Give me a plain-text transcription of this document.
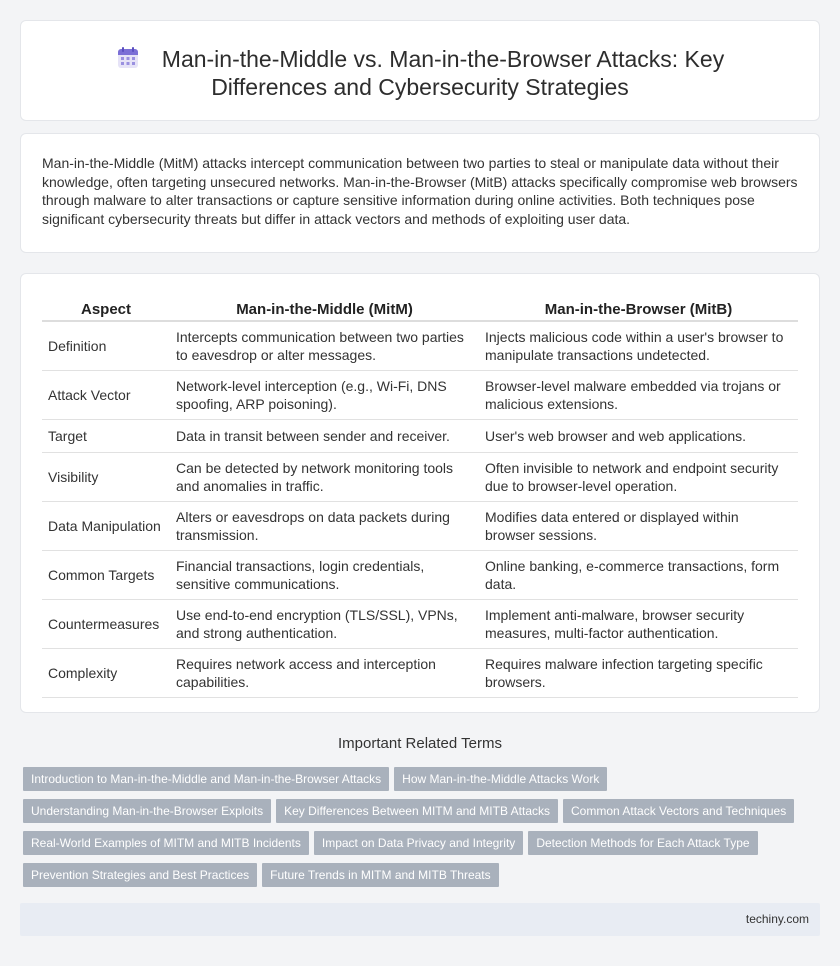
Man-in-the-Middle vs. Man-in-the-Browser Attacks: Key
Differences and Cybersecurity Strategies

Man-in-the-Middle (MitM) attacks intercept communication between two parties to steal or manipulate data without their knowledge, often targeting unsecured networks. Man-in-the-Browser (MitB) attacks specifically compromise web browsers through malware to alter transactions or capture sensitive information during online activities. Both techniques pose significant cybersecurity threats but differ in attack vectors and methods of exploiting user data.

Aspect	Man-in-the-Middle (MitM)	Man-in-the-Browser (MitB)
Definition	Intercepts communication between two parties to eavesdrop or alter messages.	Injects malicious code within a user's browser to manipulate transactions undetected.
Attack Vector	Network-level interception (e.g., Wi-Fi, DNS spoofing, ARP poisoning).	Browser-level malware embedded via trojans or malicious extensions.
Target	Data in transit between sender and receiver.	User's web browser and web applications.
Visibility	Can be detected by network monitoring tools and anomalies in traffic.	Often invisible to network and endpoint security due to browser-level operation.
Data Manipulation	Alters or eavesdrops on data packets during transmission.	Modifies data entered or displayed within browser sessions.
Common Targets	Financial transactions, login credentials, sensitive communications.	Online banking, e-commerce transactions, form data.
Countermeasures	Use end-to-end encryption (TLS/SSL), VPNs, and strong authentication.	Implement anti-malware, browser security measures, multi-factor authentication.
Complexity	Requires network access and interception capabilities.	Requires malware infection targeting specific browsers.
Important Related Terms
Introduction to Man-in-the-Middle and Man-in-the-Browser Attacks How Man-in-the-Middle Attacks Work
Understanding Man-in-the-Browser Exploits Key Differences Between MITM and MITB Attacks Common Attack Vectors and Techniques
Real-World Examples of MITM and MITB Incidents Impact on Data Privacy and Integrity Detection Methods for Each Attack Type
Prevention Strategies and Best Practices Future Trends in MITM and MITB Threats
techiny.com
